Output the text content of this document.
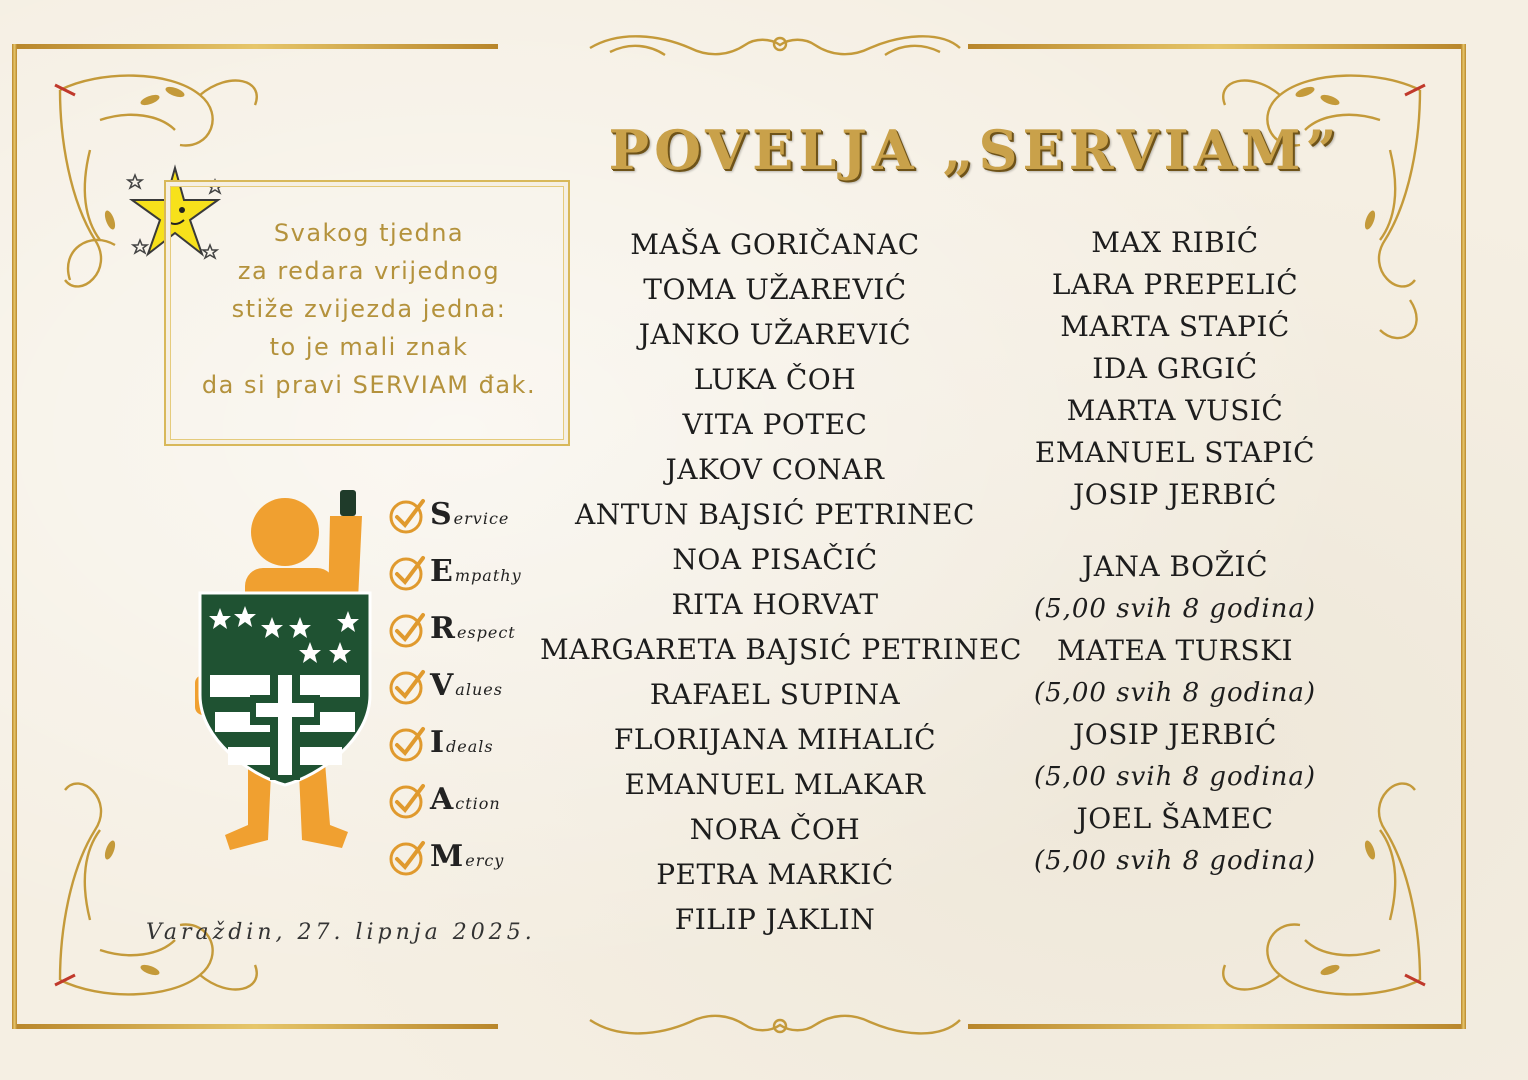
POVELJA „SERVIAM”
Svakog tjedna
za redara vrijednog
stiže zvijezda jedna:
to je mali znak
da si pravi SERVIAM đak.
Service
Empathy
Respect
Values
Ideals
Action
Mercy
MAŠA GORIČANAC
TOMA UŽAREVIĆ
JANKO UŽAREVIĆ
LUKA ČOH
VITA POTEC
JAKOV CONAR
ANTUN BAJSIĆ PETRINEC
NOA PISAČIĆ
RITA HORVAT
MARGARETA BAJSIĆ PETRINEC
RAFAEL SUPINA
FLORIJANA MIHALIĆ
EMANUEL MLAKAR
NORA ČOH
PETRA MARKIĆ
FILIP JAKLIN
MAX RIBIĆ
LARA PREPELIĆ
MARTA STAPIĆ
IDA GRGIĆ
MARTA VUSIĆ
EMANUEL STAPIĆ
JOSIP JERBIĆ
JANA BOŽIĆ
(5,00 svih 8 godina)
MATEA TURSKI
(5,00 svih 8 godina)
JOSIP JERBIĆ
(5,00 svih 8 godina)
JOEL ŠAMEC
(5,00 svih 8 godina)
Varaždin, 27. lipnja 2025.
